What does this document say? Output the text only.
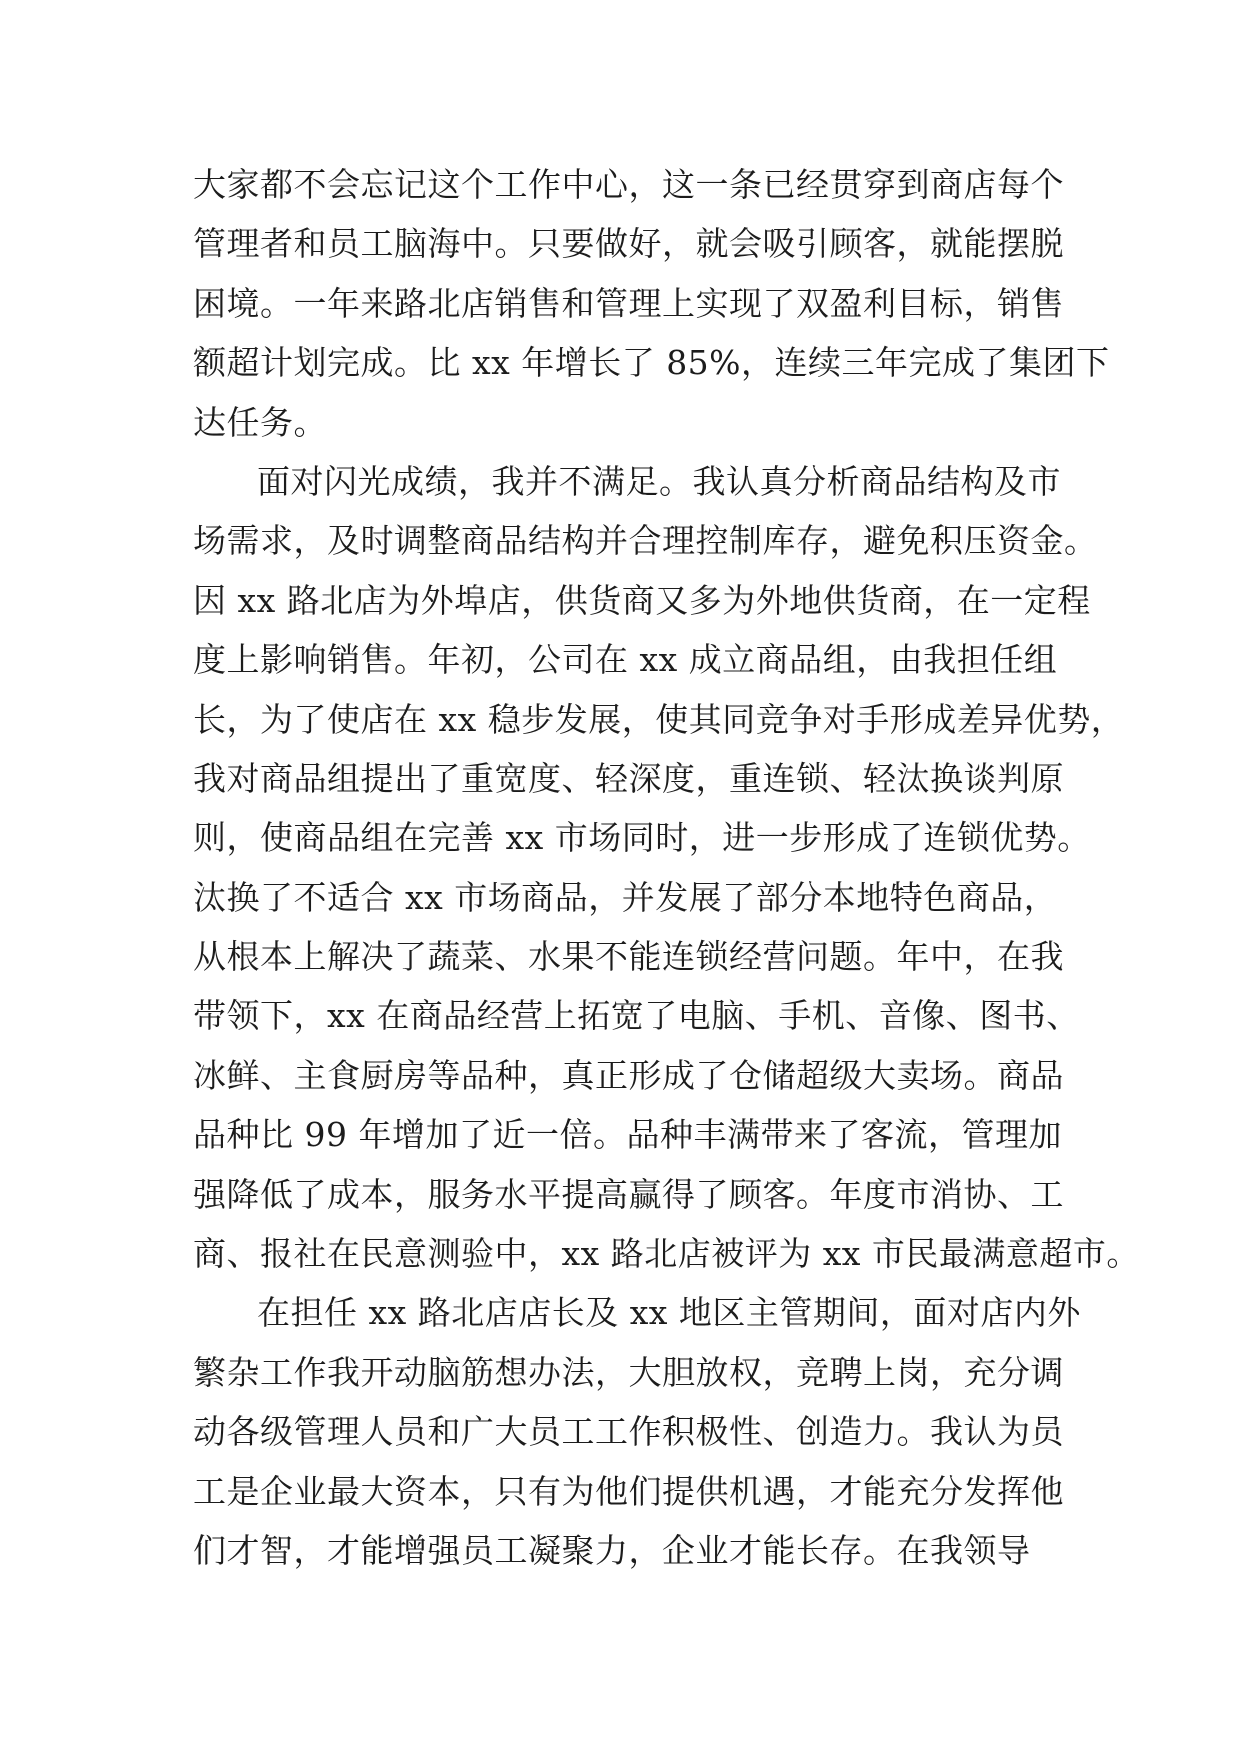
大家都不会忘记这个工作中心，这一条已经贯穿到商店每个
管理者和员工脑海中。只要做好，就会吸引顾客，就能摆脱
困境。一年来路北店销售和管理上实现了双盈利目标，销售
额超计划完成。比 xx 年增长了 85%，连续三年完成了集团下
达任务。
面对闪光成绩，我并不满足。我认真分析商品结构及市
场需求，及时调整商品结构并合理控制库存，避免积压资金。
因 xx 路北店为外埠店，供货商又多为外地供货商，在一定程
度上影响销售。年初，公司在 xx 成立商品组，由我担任组
长，为了使店在 xx 稳步发展，使其同竞争对手形成差异优势，
我对商品组提出了重宽度、轻深度，重连锁、轻汰换谈判原
则，使商品组在完善 xx 市场同时，进一步形成了连锁优势。
汰换了不适合 xx 市场商品，并发展了部分本地特色商品，
从根本上解决了蔬菜、水果不能连锁经营问题。年中，在我
带领下，xx 在商品经营上拓宽了电脑、手机、音像、图书、
冰鲜、主食厨房等品种，真正形成了仓储超级大卖场。商品
品种比 99 年增加了近一倍。品种丰满带来了客流，管理加
强降低了成本，服务水平提高赢得了顾客。年度市消协、工
商、报社在民意测验中，xx 路北店被评为 xx 市民最满意超市。
在担任 xx 路北店店长及 xx 地区主管期间，面对店内外
繁杂工作我开动脑筋想办法，大胆放权，竞聘上岗，充分调
动各级管理人员和广大员工工作积极性、创造力。我认为员
工是企业最大资本，只有为他们提供机遇，才能充分发挥他
们才智，才能增强员工凝聚力，企业才能长存。在我领导
